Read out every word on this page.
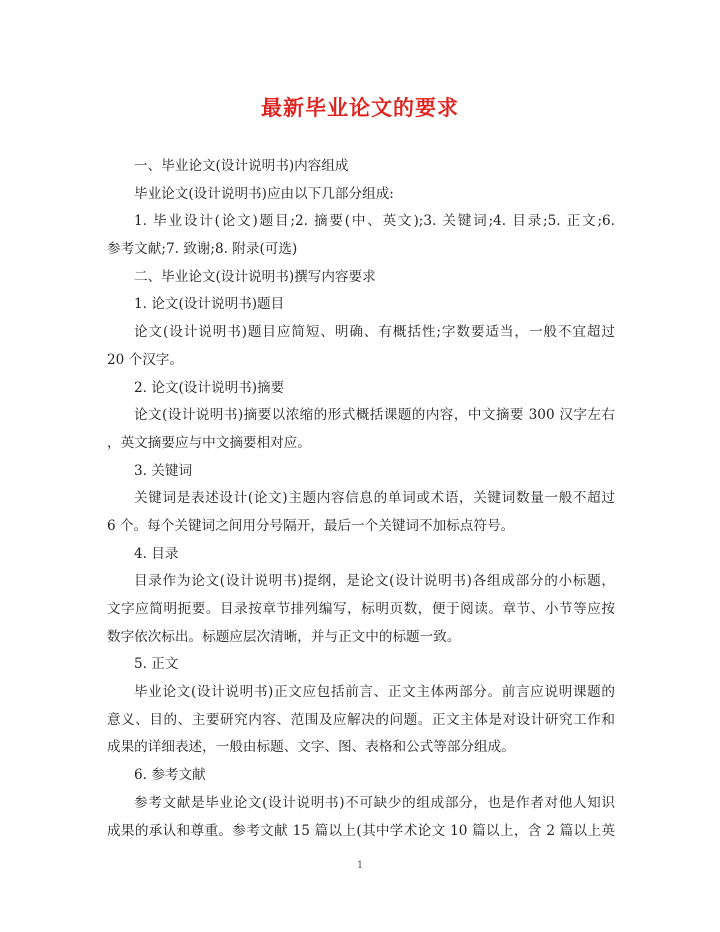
最新毕业论文的要求
一、毕业论文(设计说明书)内容组成
毕业论文(设计说明书)应由以下几部分组成:
1. 毕业设计(论文)题目;2. 摘要(中、英文);3. 关键词;4. 目录;5. 正文;6.
参考文献;7. 致谢;8. 附录(可选)
二、毕业论文(设计说明书)撰写内容要求
1. 论文(设计说明书)题目
论文(设计说明书)题目应简短、明确、有概括性;字数要适当，一般不宜超过
20 个汉字。
2. 论文(设计说明书)摘要
论文(设计说明书)摘要以浓缩的形式概括课题的内容，中文摘要 300 汉字左右
，英文摘要应与中文摘要相对应。
3. 关键词
关键词是表述设计(论文)主题内容信息的单词或术语，关键词数量一般不超过
6 个。每个关键词之间用分号隔开，最后一个关键词不加标点符号。
4. 目录
目录作为论文(设计说明书)提纲，是论文(设计说明书)各组成部分的小标题，
文字应简明扼要。目录按章节排列编写，标明页数，便于阅读。章节、小节等应按
数字依次标出。标题应层次清晰，并与正文中的标题一致。
5. 正文
毕业论文(设计说明书)正文应包括前言、正文主体两部分。前言应说明课题的
意义、目的、主要研究内容、范围及应解决的问题。正文主体是对设计研究工作和
成果的详细表述，一般由标题、文字、图、表格和公式等部分组成。
6. 参考文献
参考文献是毕业论文(设计说明书)不可缺少的组成部分，也是作者对他人知识
成果的承认和尊重。参考文献 15 篇以上(其中学术论文 10 篇以上，含 2 篇以上英
1
